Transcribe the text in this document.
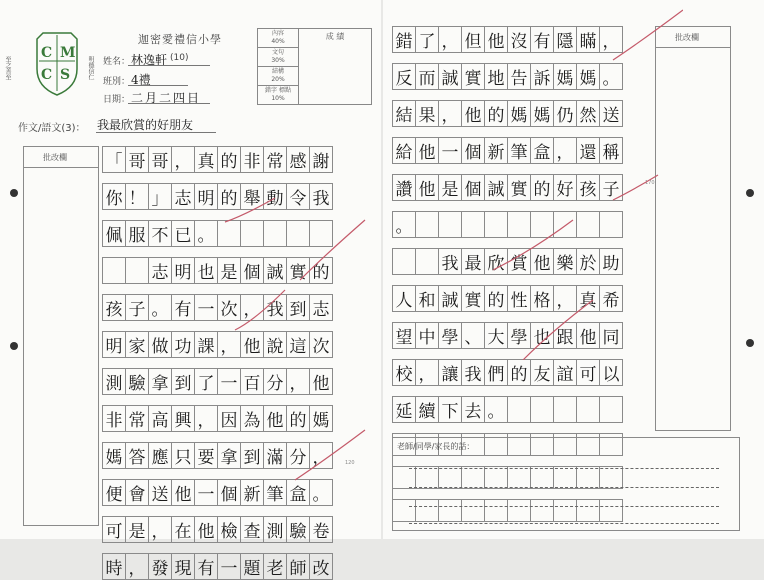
C M
C S
至之善至	明德信仁
迦密愛禮信小學
姓名： 林逸軒 (10)
班別： 4禮
日期： 二月二四日
內容
40%	成 績
文句
30%
結構
20%
錯字 標點
10%
作文/語文(3)： 我最欣賞的好朋友
批改欄 「	哥	哥	，	真	的	非	常	感	謝

你	！	」	志	明	的	舉	動	令	我

佩	服	不	已	。					

		志	明	也	是	個	誠	實	的

孩	子	。	有	一	次	，	我	到	志

明	家	做	功	課	，	他	說	這	次

測	驗	拿	到	了	一	百	分	，	他

非	常	高	興	，	因	為	他	的	媽

媽	答	應	只	要	拿	到	滿	分	，

便	會	送	他	一	個	新	筆	盒	。

可	是	，	在	他	檢	查	測	驗	卷

時	，	發	現	有	一	題	老	師	改
120
錯	了	，	但	他	沒	有	隱	瞞	，

反	而	誠	實	地	告	訴	媽	媽	。

結	果	，	他	的	媽	媽	仍	然	送

給	他	一	個	新	筆	盒	，	還	稱

讚	他	是	個	誠	實	的	好	孩	子

。									

		我	最	欣	賞	他	樂	於	助

人	和	誠	實	的	性	格	，	真	希

望	中	學	、	大	學	也	跟	他	同

校	，	讓	我	們	的	友	誼	可	以

延	續	下	去	。					

批改欄
170
老師/同學/家長的話：
